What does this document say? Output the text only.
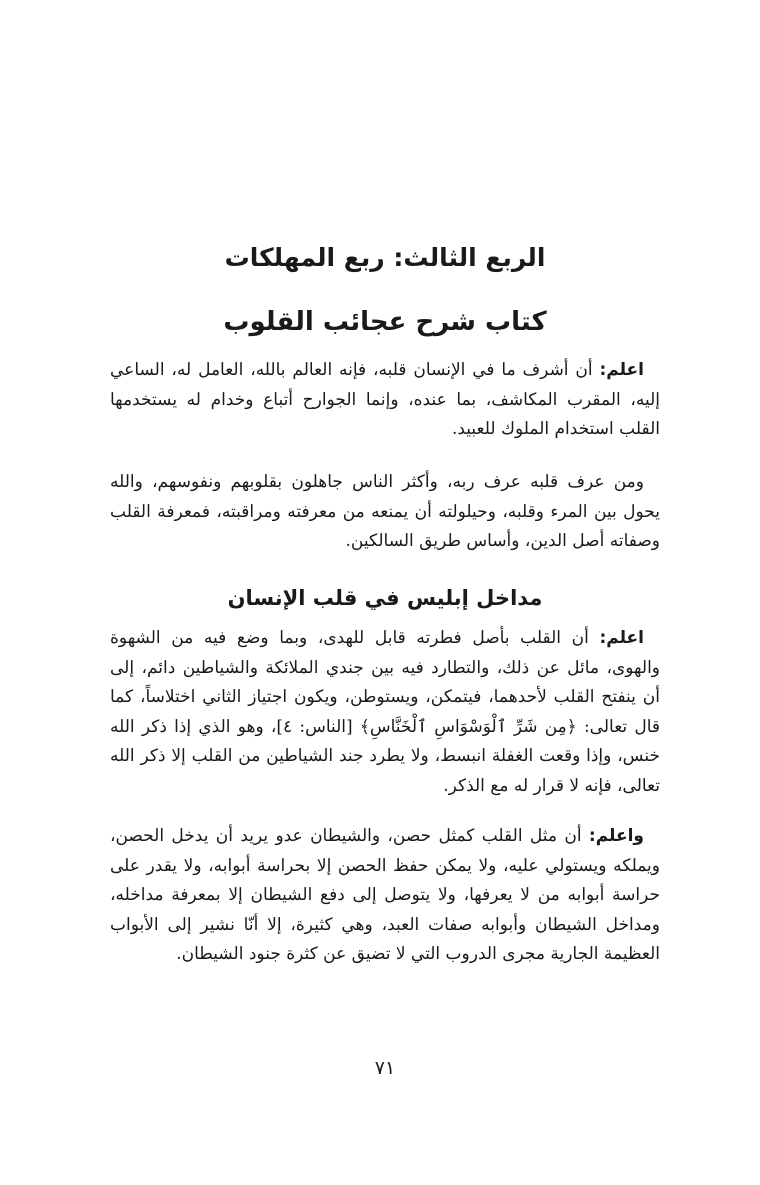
الربع الثالث: ربع المهلكات
كتاب شرح عجائب القلوب

اعلم: أن أشرف ما في الإنسان قلبه، فإنه العالم بالله، العامل له، الساعي إليه، المقرب المكاشف، بما عنده، وإنما الجوارح أتباع وخدام له يستخدمها القلب استخدام الملوك للعبيد.

ومن عرف قلبه عرف ربه، وأكثر الناس جاهلون بقلوبهم ونفوسهم، والله يحول بين المرء وقلبه، وحيلولته أن يمنعه من معرفته ومراقبته، فمعرفة القلب وصفاته أصل الدين، وأساس طريق السالكين.

مداخل إبليس في قلب الإنسان

اعلم: أن القلب بأصل فطرته قابل للهدى، وبما وضع فيه من الشهوة والهوى، مائل عن ذلك، والتطارد فيه بين جندي الملائكة والشياطين دائم، إلى أن ينفتح القلب لأحدهما، فيتمكن، ويستوطن، ويكون اجتياز الثاني اختلاساً، كما قال تعالى: ﴿مِن شَرِّ ٱلْوَسْوَاسِ ٱلْخَنَّاسِ﴾ [الناس: ٤]، وهو الذي إذا ذكر الله خنس، وإذا وقعت الغفلة انبسط، ولا يطرد جند الشياطين من القلب إلا ذكر الله تعالى، فإنه لا قرار له مع الذكر.

واعلم: أن مثل القلب كمثل حصن، والشيطان عدو يريد أن يدخل الحصن، ويملكه ويستولي عليه، ولا يمكن حفظ الحصن إلا بحراسة أبوابه، ولا يقدر على حراسة أبوابه من لا يعرفها، ولا يتوصل إلى دفع الشيطان إلا بمعرفة مداخله، ومداخل الشيطان وأبوابه صفات العبد، وهي كثيرة، إلا أنّا نشير إلى الأبواب العظيمة الجارية مجرى الدروب التي لا تضيق عن كثرة جنود الشيطان.

٧١
